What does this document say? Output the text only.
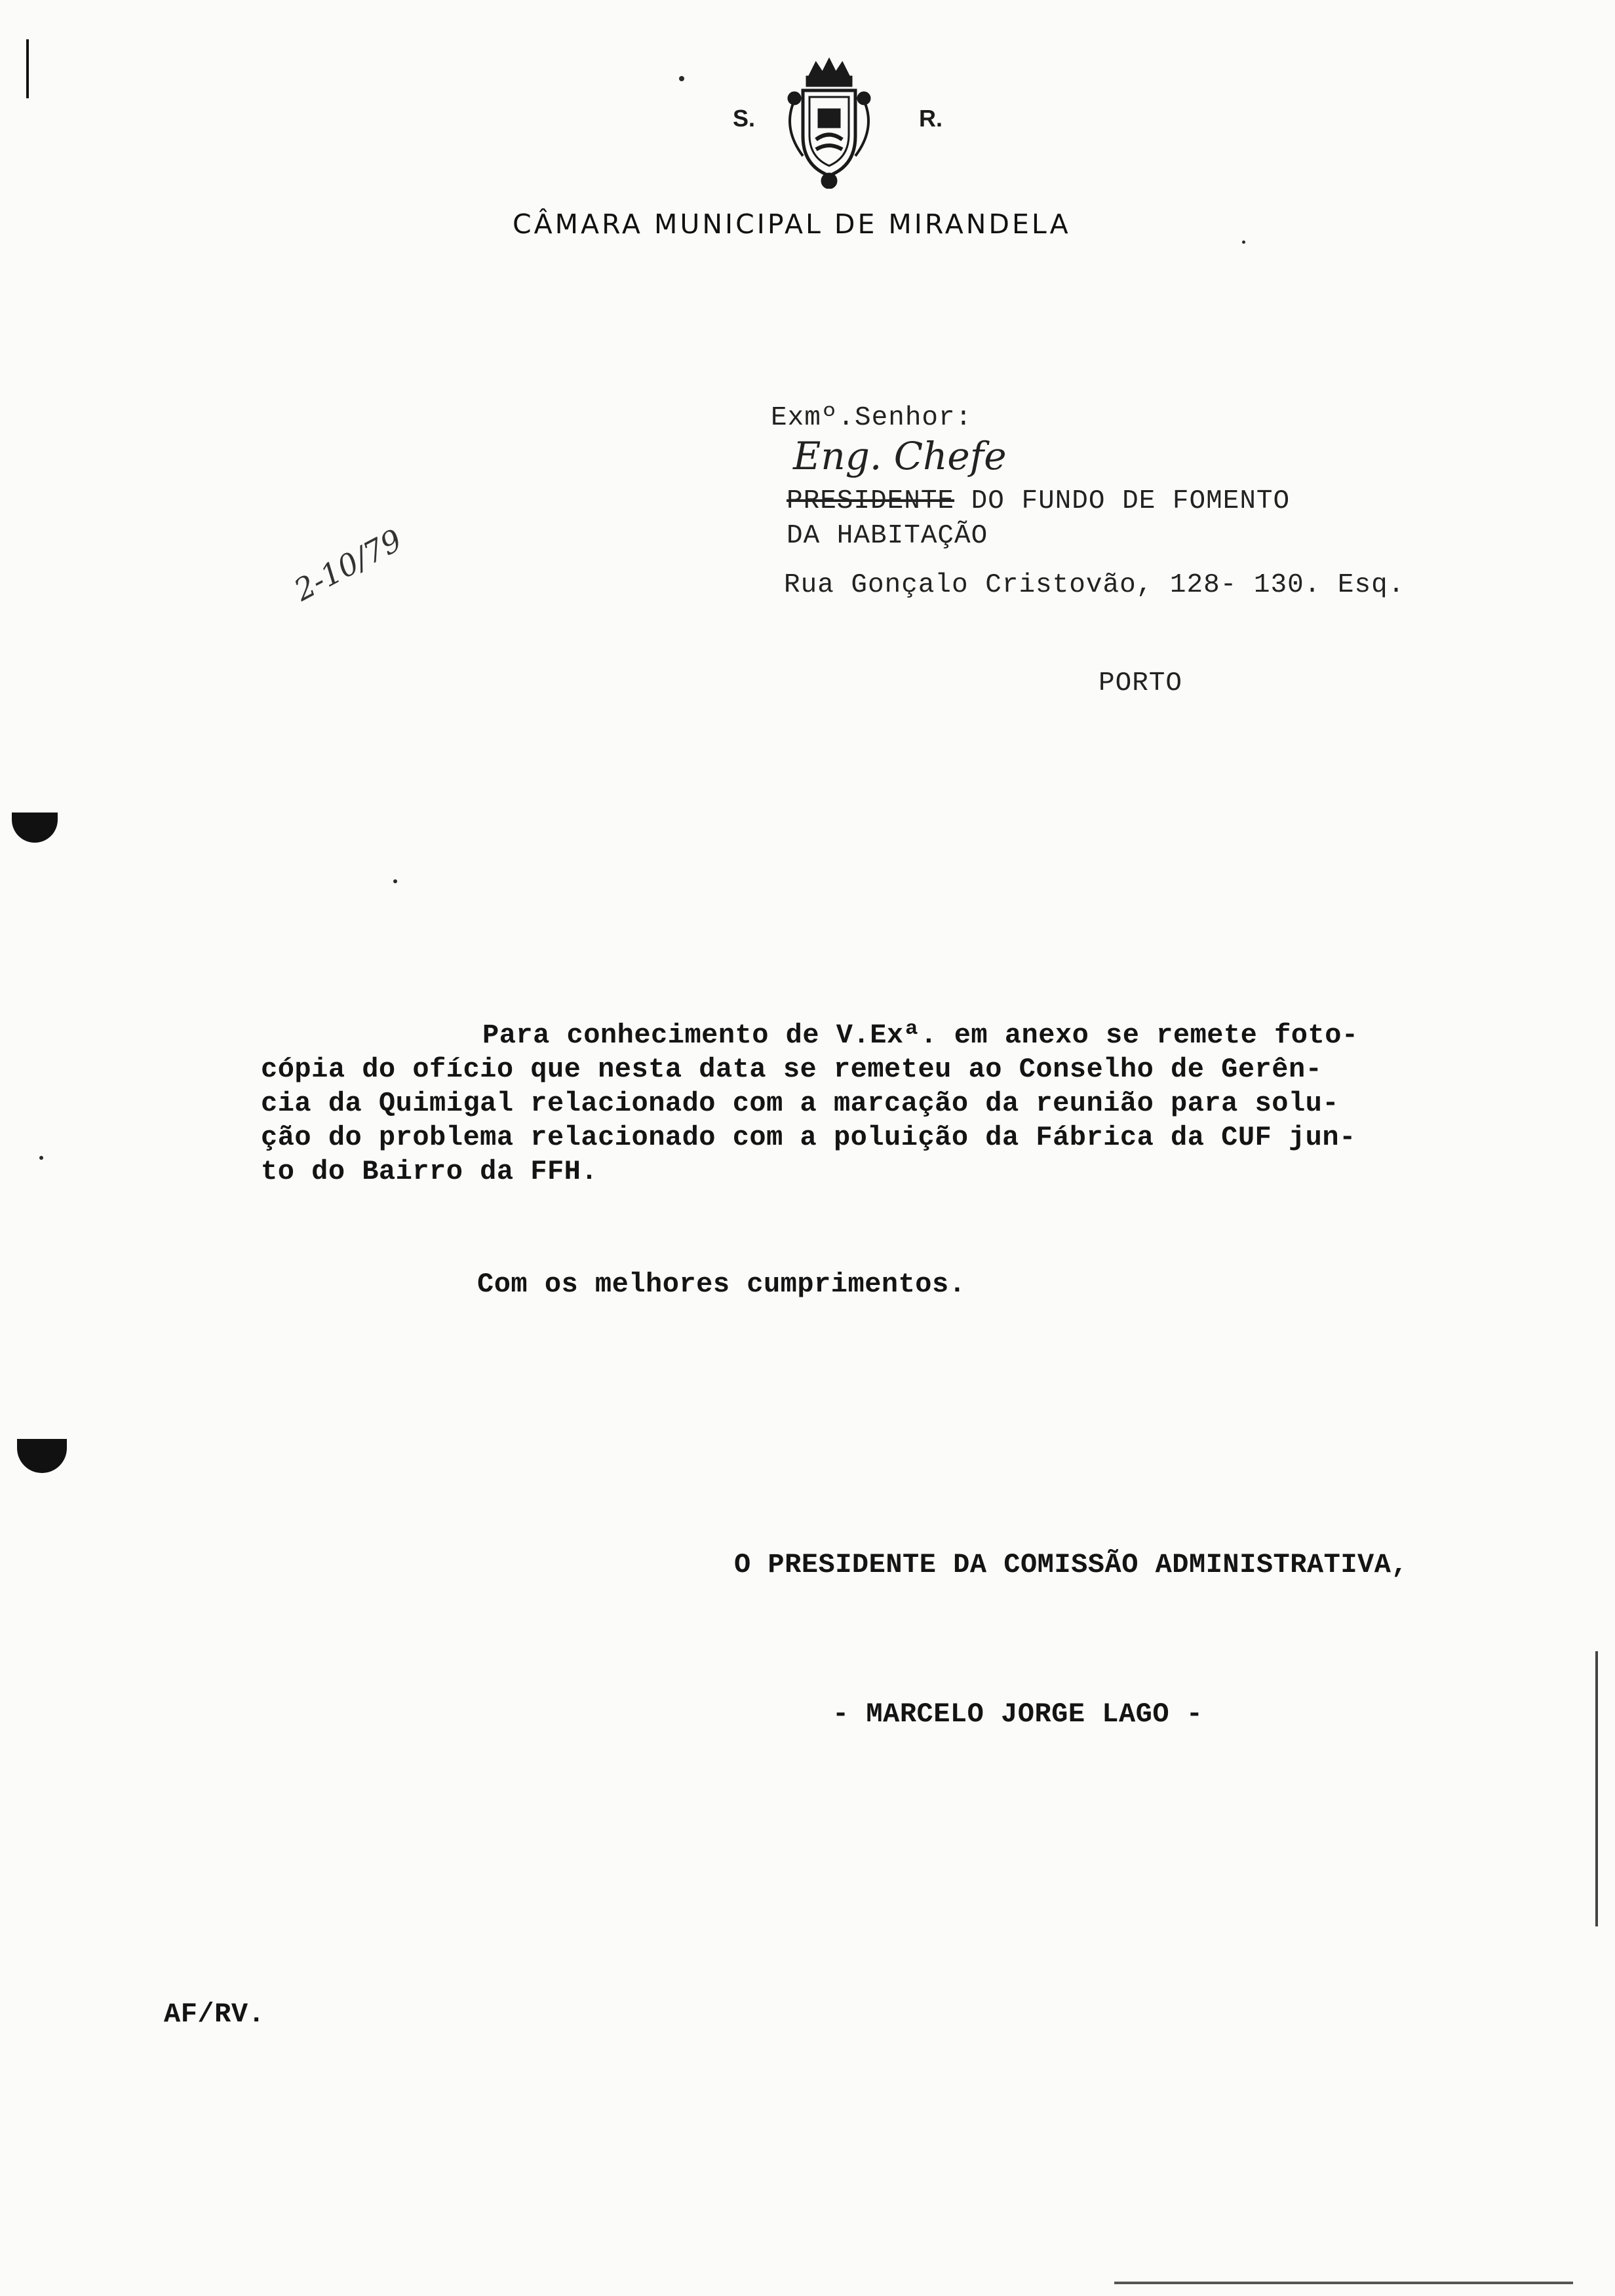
S.	R.
CÂMARA MUNICIPAL DE MIRANDELA
Exmº.Senhor:
Eng. Chefe
PRESIDENTE DO FUNDO DE FOMENTO
DA HABITAÇÃO
Rua Gonçalo Cristovão, 128- 130. Esq.
PORTO
2-10/79
Para conhecimento de V.Exª. em anexo se remete foto-
cópia do ofício que nesta data se remeteu ao Conselho de Gerên-
cia da Quimigal relacionado com a marcação da reunião para solu-
ção do problema relacionado com a poluição da Fábrica da CUF jun-
to do Bairro da FFH.
Com os melhores cumprimentos.
O PRESIDENTE DA COMISSÃO ADMINISTRATIVA,
- MARCELO JORGE LAGO -
AF/RV.
